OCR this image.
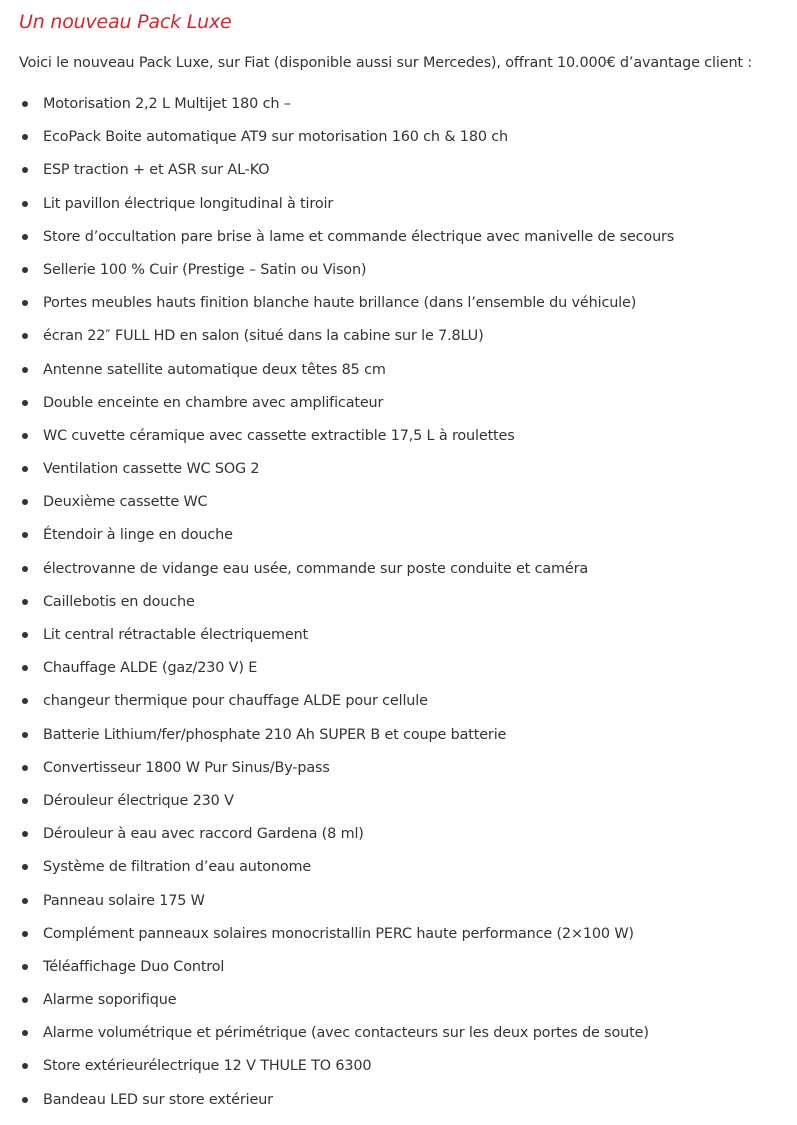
Un nouveau Pack Luxe

Voici le nouveau Pack Luxe, sur Fiat (disponible aussi sur Mercedes), offrant 10.000€ d’avantage client :

Motorisation 2,2 L Multijet 180 ch –
EcoPack Boite automatique AT9 sur motorisation 160 ch & 180 ch
ESP traction + et ASR sur AL-KO
Lit pavillon électrique longitudinal à tiroir
Store d’occultation pare brise à lame et commande électrique avec manivelle de secours
Sellerie 100 % Cuir (Prestige – Satin ou Vison)
Portes meubles hauts finition blanche haute brillance (dans l’ensemble du véhicule)
écran 22″ FULL HD en salon (situé dans la cabine sur le 7.8LU)
Antenne satellite automatique deux têtes 85 cm
Double enceinte en chambre avec amplificateur
WC cuvette céramique avec cassette extractible 17,5 L à roulettes
Ventilation cassette WC SOG 2
Deuxième cassette WC
Étendoir à linge en douche
électrovanne de vidange eau usée, commande sur poste conduite et caméra
Caillebotis en douche
Lit central rétractable électriquement
Chauffage ALDE (gaz/230 V) E
changeur thermique pour chauffage ALDE pour cellule
Batterie Lithium/fer/phosphate 210 Ah SUPER B et coupe batterie
Convertisseur 1800 W Pur Sinus/By-pass
Dérouleur électrique 230 V
Dérouleur à eau avec raccord Gardena (8 ml)
Système de filtration d’eau autonome
Panneau solaire 175 W
Complément panneaux solaires monocristallin PERC haute performance (2×100 W)
Téléaffichage Duo Control
Alarme soporifique
Alarme volumétrique et périmétrique (avec contacteurs sur les deux portes de soute)
Store extérieurélectrique 12 V THULE TO 6300
Bandeau LED sur store extérieur
